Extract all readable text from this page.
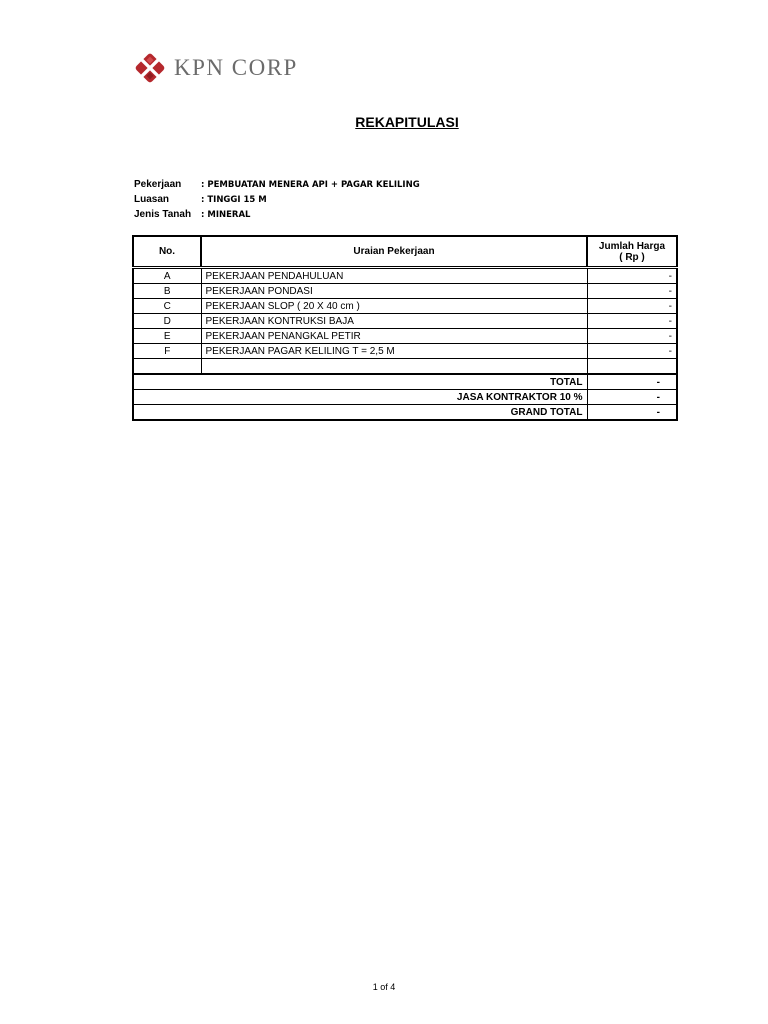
KPN CORP
REKAPITULASI
Pekerjaan	: PEMBUATAN MENERA API + PAGAR KELILING
Luasan	: TINGGI 15 M
Jenis Tanah	: MINERAL
No.	Uraian Pekerjaan	Jumlah Harga
( Rp )

A	PEKERJAAN PENDAHULUAN	-
B	PEKERJAAN PONDASI	-
C	PEKERJAAN SLOP ( 20 X 40 cm )	-
D	PEKERJAAN KONTRUKSI BAJA	-
E	PEKERJAAN PENANGKAL PETIR	-
F	PEKERJAAN PAGAR KELILING T = 2,5 M	-

TOTAL		-
JASA KONTRAKTOR 10 %		-
GRAND TOTAL		-
1 of 4
